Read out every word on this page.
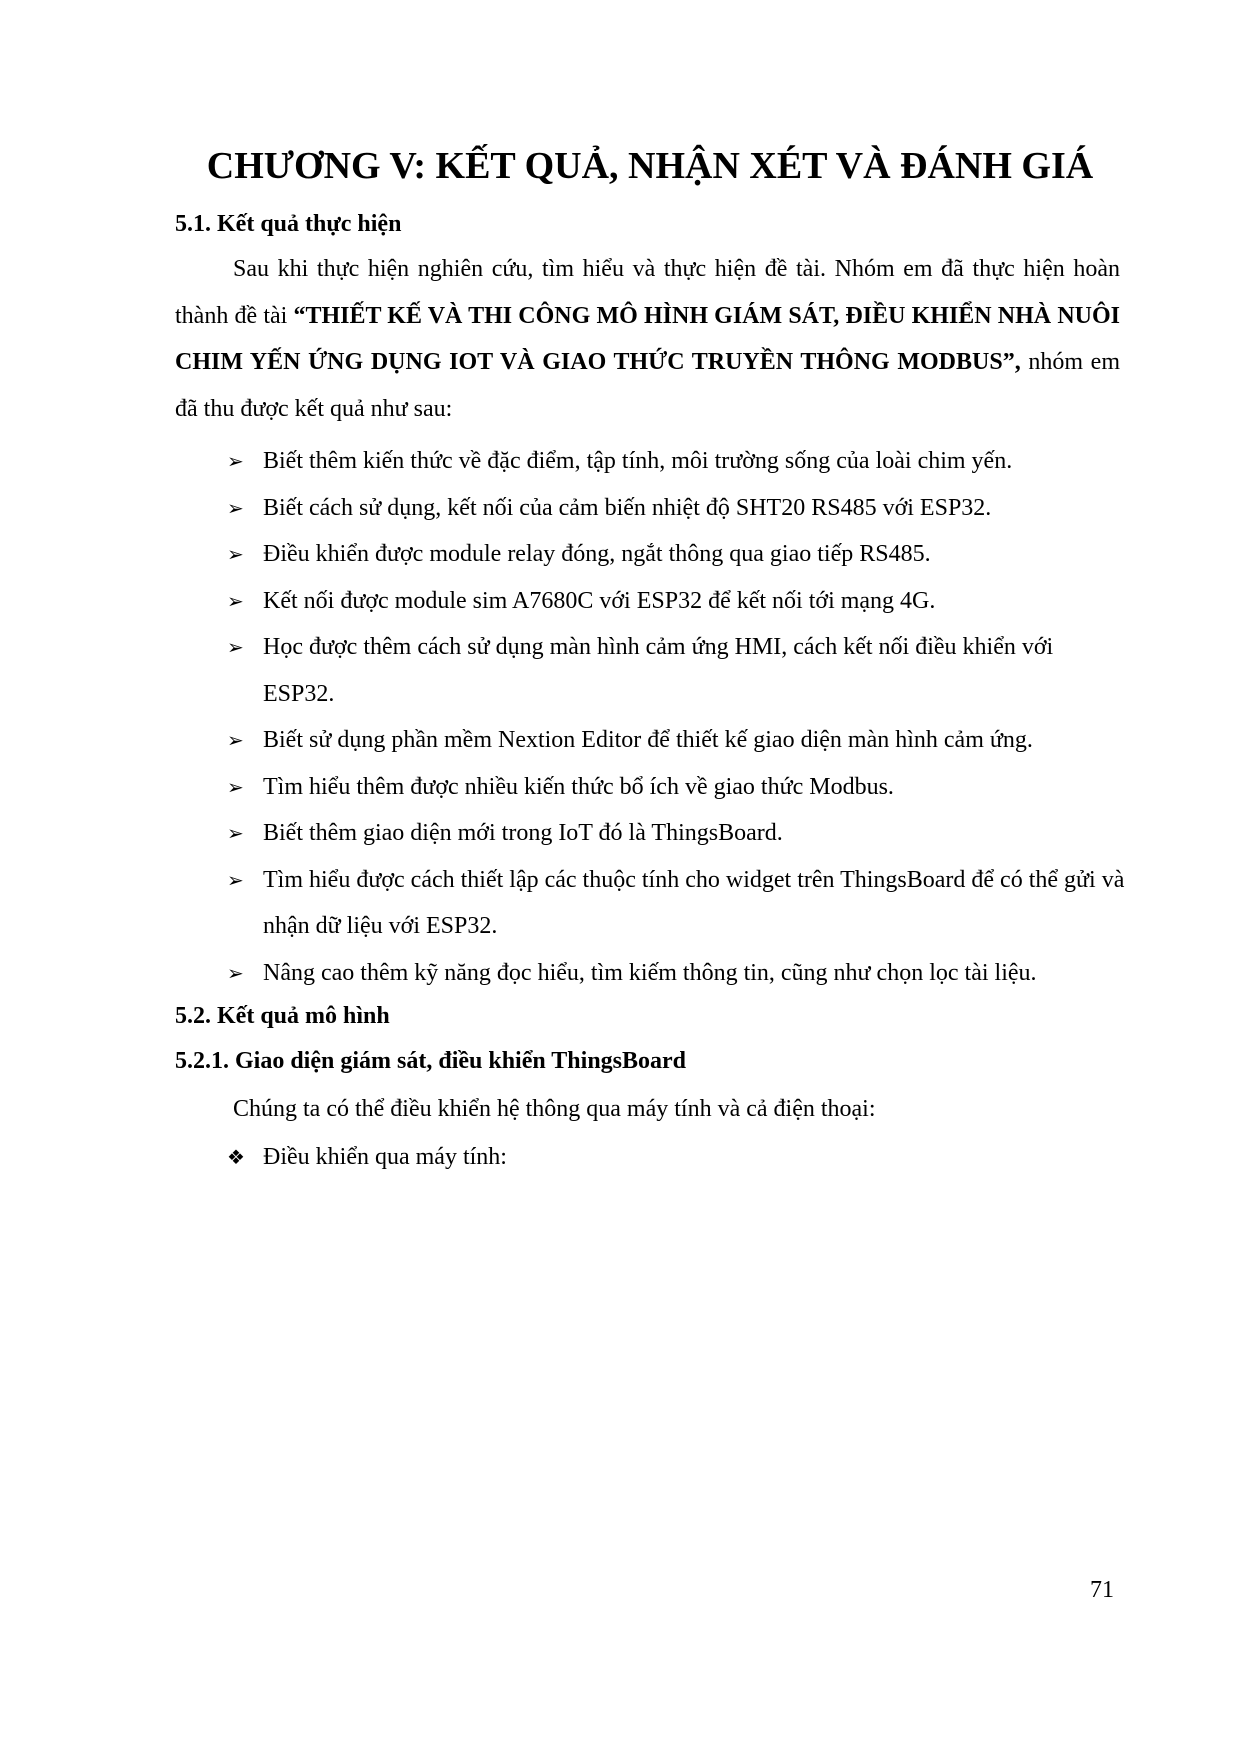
CHƯƠNG V: KẾT QUẢ, NHẬN XÉT VÀ ĐÁNH GIÁ
5.1. Kết quả thực hiện

Sau khi thực hiện nghiên cứu, tìm hiểu và thực hiện đề tài. Nhóm em đã thực hiện hoàn thành đề tài “THIẾT KẾ VÀ THI CÔNG MÔ HÌNH GIÁM SÁT, ĐIỀU KHIỂN NHÀ NUÔI CHIM YẾN ỨNG DỤNG IOT VÀ GIAO THỨC TRUYỀN THÔNG MODBUS”, nhóm em đã thu được kết quả như sau:

➢ Biết thêm kiến thức về đặc điểm, tập tính, môi trường sống của loài chim yến.
➢ Biết cách sử dụng, kết nối của cảm biến nhiệt độ SHT20 RS485 với ESP32.
➢ Điều khiển được module relay đóng, ngắt thông qua giao tiếp RS485.
➢ Kết nối được module sim A7680C với ESP32 để kết nối tới mạng 4G.
➢ Học được thêm cách sử dụng màn hình cảm ứng HMI, cách kết nối điều khiển với ESP32.
➢ Biết sử dụng phần mềm Nextion Editor để thiết kế giao diện màn hình cảm ứng.
➢ Tìm hiểu thêm được nhiều kiến thức bổ ích về giao thức Modbus.
➢ Biết thêm giao diện mới trong IoT đó là ThingsBoard.
➢ Tìm hiểu được cách thiết lập các thuộc tính cho widget trên ThingsBoard để có thể gửi và nhận dữ liệu với ESP32.
➢ Nâng cao thêm kỹ năng đọc hiểu, tìm kiếm thông tin, cũng như chọn lọc tài liệu.
5.2. Kết quả mô hình
5.2.1. Giao diện giám sát, điều khiển ThingsBoard

Chúng ta có thể điều khiển hệ thông qua máy tính và cả điện thoại:

❖ Điều khiển qua máy tính:
71
